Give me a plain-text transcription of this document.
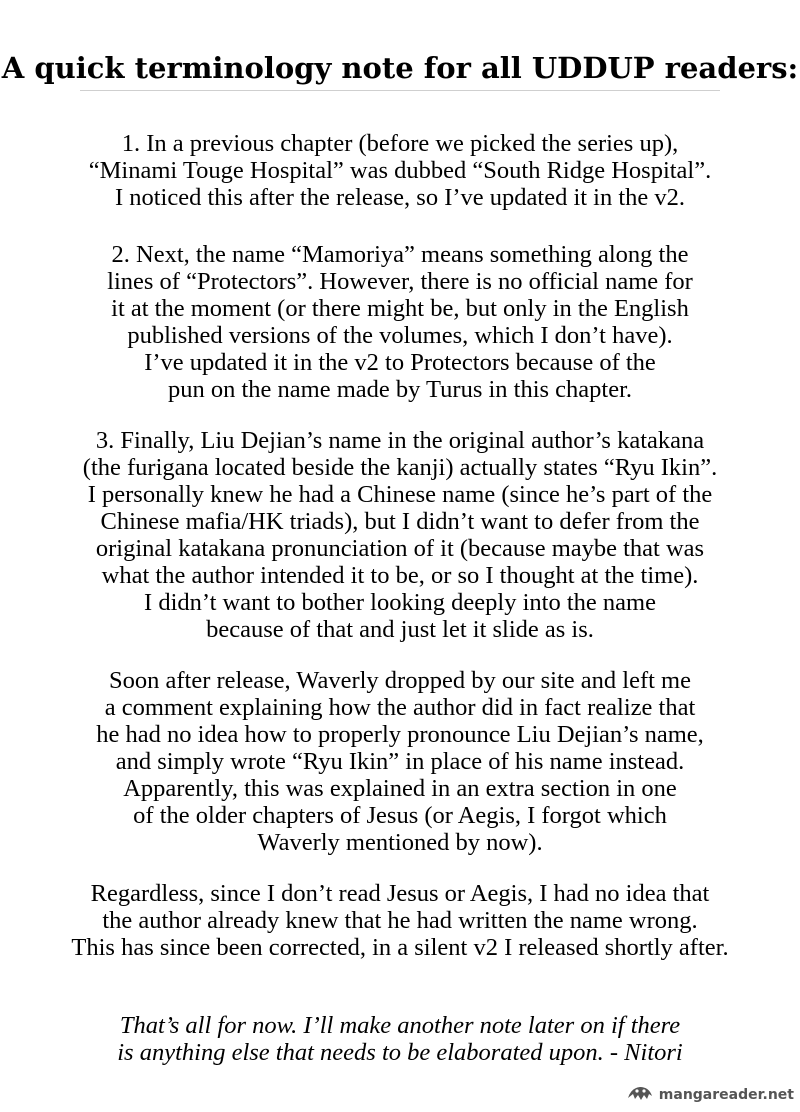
A quick terminology note for all UDDUP readers:

1. In a previous chapter (before we picked the series up),
“Minami Touge Hospital” was dubbed “South Ridge Hospital”.
I noticed this after the release, so I’ve updated it in the v2.

2. Next, the name “Mamoriya” means something along the
lines of “Protectors”. However, there is no official name for
it at the moment (or there might be, but only in the English
published versions of the volumes, which I don’t have).
I’ve updated it in the v2 to Protectors because of the
pun on the name made by Turus in this chapter.

3. Finally, Liu Dejian’s name in the original author’s katakana
(the furigana located beside the kanji) actually states “Ryu Ikin”.
I personally knew he had a Chinese name (since he’s part of the
Chinese mafia/HK triads), but I didn’t want to defer from the
original katakana pronunciation of it (because maybe that was
what the author intended it to be, or so I thought at the time).
I didn’t want to bother looking deeply into the name
because of that and just let it slide as is.

Soon after release, Waverly dropped by our site and left me
a comment explaining how the author did in fact realize that
he had no idea how to properly pronounce Liu Dejian’s name,
and simply wrote “Ryu Ikin” in place of his name instead.
Apparently, this was explained in an extra section in one
of the older chapters of Jesus (or Aegis, I forgot which
Waverly mentioned by now).

Regardless, since I don’t read Jesus or Aegis, I had no idea that
the author already knew that he had written the name wrong.
This has since been corrected, in a silent v2 I released shortly after.

That’s all for now. I’ll make another note later on if there
is anything else that needs to be elaborated upon. - Nitori

mangareader.net
